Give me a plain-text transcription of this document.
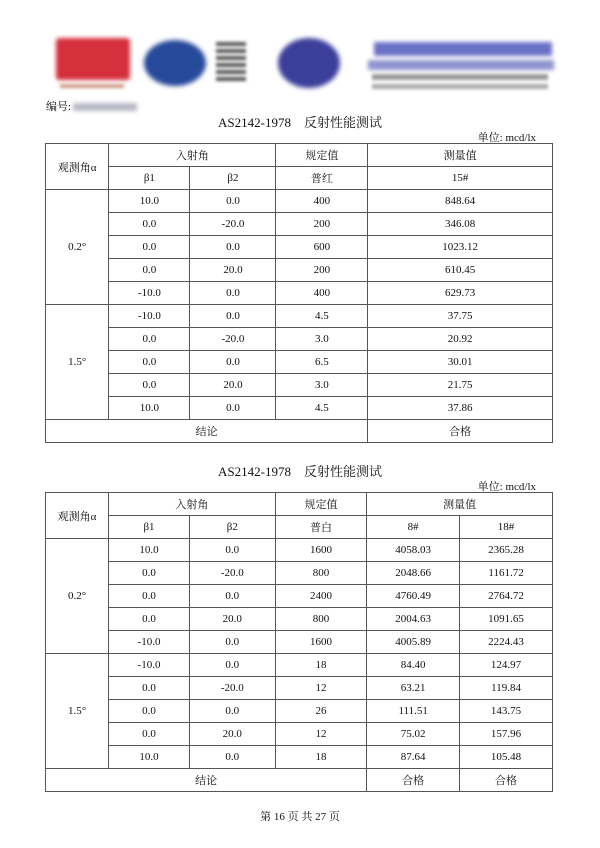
编号:
AS2142-1978　反射性能测试
单位: mcd/lx
观测角α	入射角		规定值	测量值
	β1	β2	普红	15#
0.2°	10.0	0.0	400	848.64
	0.0	-20.0	200	346.08
	0.0	0.0	600	1023.12
	0.0	20.0	200	610.45
	-10.0	0.0	400	629.73
1.5°	-10.0	0.0	4.5	37.75
	0.0	-20.0	3.0	20.92
	0.0	0.0	6.5	30.01
	0.0	20.0	3.0	21.75
	10.0	0.0	4.5	37.86
结论				合格
AS2142-1978　反射性能测试
单位: mcd/lx
观测角α	入射角		规定值	测量值	
	β1	β2	普白	8#	18#
0.2°	10.0	0.0	1600	4058.03	2365.28
	0.0	-20.0	800	2048.66	1161.72
	0.0	0.0	2400	4760.49	2764.72
	0.0	20.0	800	2004.63	1091.65
	-10.0	0.0	1600	4005.89	2224.43
1.5°	-10.0	0.0	18	84.40	124.97
	0.0	-20.0	12	63.21	119.84
	0.0	0.0	26	111.51	143.75
	0.0	20.0	12	75.02	157.96
	10.0	0.0	18	87.64	105.48
结论				合格	合格
第 16 页 共 27 页
